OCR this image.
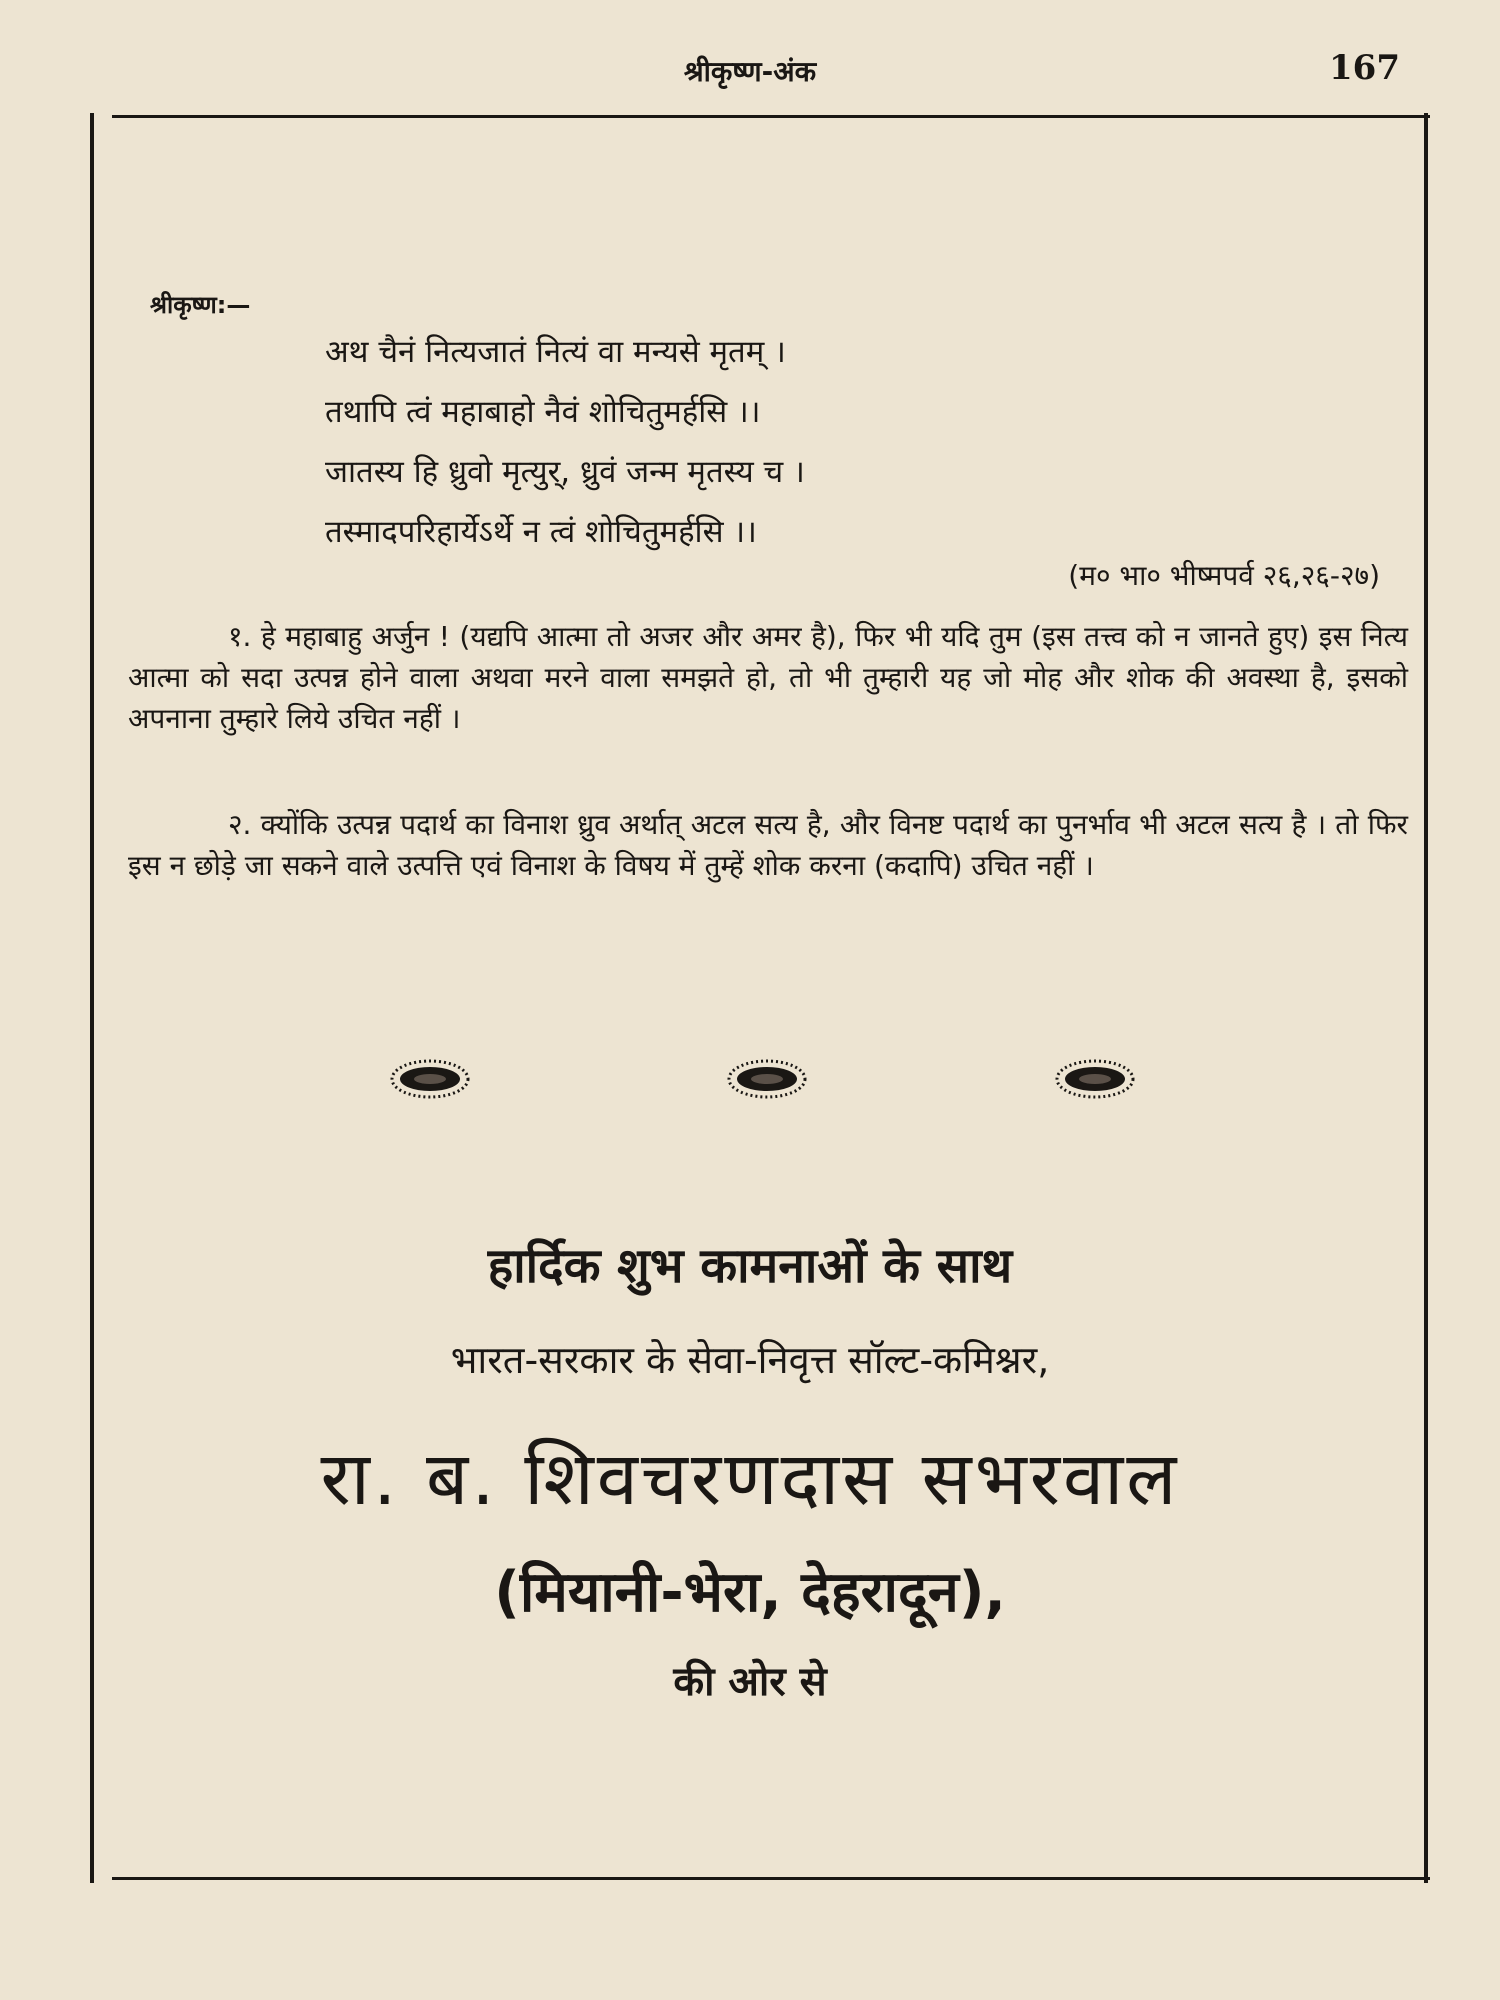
श्रीकृष्ण-अंक	167
श्रीकृष्ण:—
अथ चैनं नित्यजातं नित्यं वा मन्यसे मृतम् ।
तथापि त्वं महाबाहो नैवं शोचितुमर्हसि ।।
जातस्य हि ध्रुवो मृत्युर्, ध्रुवं जन्म मृतस्य च ।
तस्मादपरिहार्येऽर्थे न त्वं शोचितुमर्हसि ।।
(म० भा० भीष्मपर्व २६,२६-२७)

१. हे महाबाहु अर्जुन ! (यद्यपि आत्मा तो अजर और अमर है), फिर भी यदि तुम (इस तत्त्व को न जानते हुए) इस नित्य आत्मा को सदा उत्पन्न होने वाला अथवा मरने वाला समझते हो, तो भी तुम्हारी यह जो मोह और शोक की अवस्था है, इसको अपनाना तुम्हारे लिये उचित नहीं ।

२. क्योंकि उत्पन्न पदार्थ का विनाश ध्रुव अर्थात् अटल सत्य है, और विनष्ट पदार्थ का पुनर्भाव भी अटल सत्य है । तो फिर इस न छोड़े जा सकने वाले उत्पत्ति एवं विनाश के विषय में तुम्हें शोक करना (कदापि) उचित नहीं ।

हार्दिक शुभ कामनाओं के साथ
भारत-सरकार के सेवा-निवृत्त सॉल्ट-कमिश्नर,
रा. ब. शिवचरणदास सभरवाल
(मियानी-भेरा, देहरादून),
की ओर से
